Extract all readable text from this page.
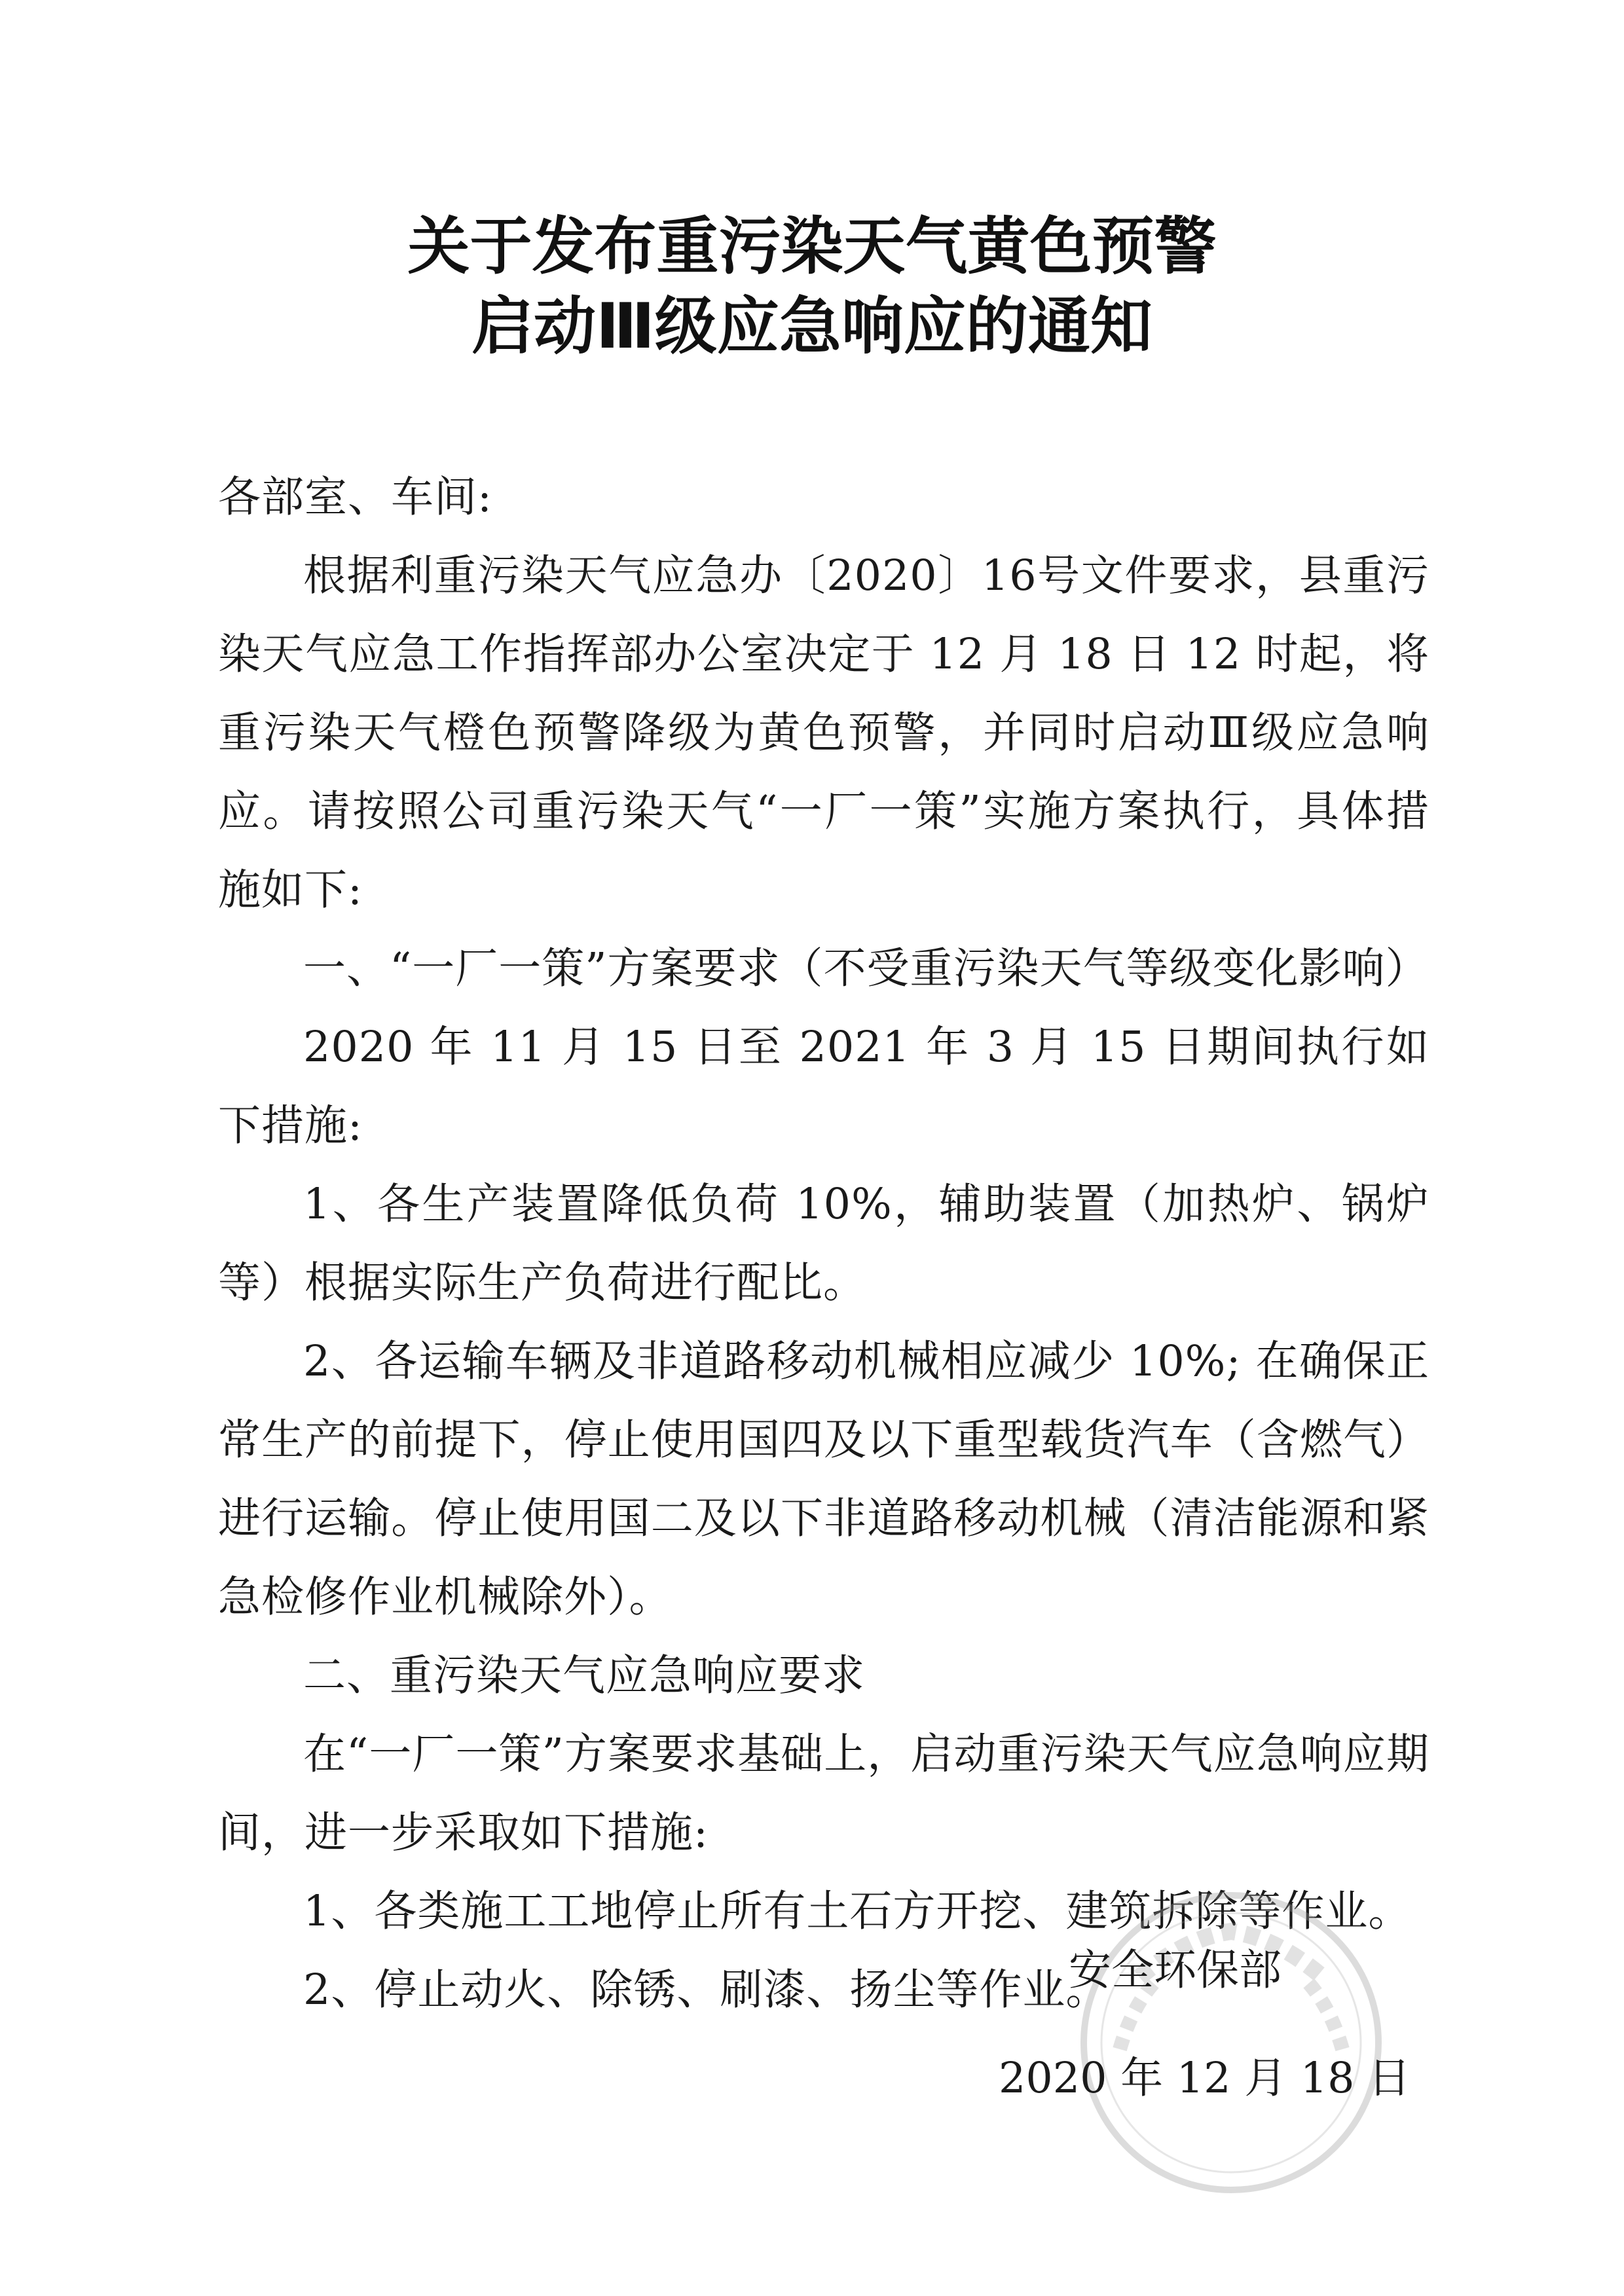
关于发布重污染天气黄色预警
启动Ⅲ级应急响应的通知

各部室、车间:

根据利重污染天气应急办〔2020〕16号文件要求，县重污染天气应急工作指挥部办公室决定于 12 月 18 日 12 时起，将重污染天气橙色预警降级为黄色预警，并同时启动Ⅲ级应急响应。请按照公司重污染天气“一厂一策”实施方案执行，具体措施如下:

一、“一厂一策”方案要求（不受重污染天气等级变化影响）

2020 年 11 月 15 日至 2021 年 3 月 15 日期间执行如下措施:

1、各生产装置降低负荷 10%，辅助装置（加热炉、锅炉等）根据实际生产负荷进行配比。

2、各运输车辆及非道路移动机械相应减少 10%; 在确保正常生产的前提下，停止使用国四及以下重型载货汽车（含燃气）进行运输。停止使用国二及以下非道路移动机械（清洁能源和紧急检修作业机械除外）。

二、重污染天气应急响应要求

在“一厂一策”方案要求基础上，启动重污染天气应急响应期间，进一步采取如下措施:

1、各类施工工地停止所有土石方开挖、建筑拆除等作业。

2、停止动火、除锈、刷漆、扬尘等作业。

安全环保部

2020 年 12 月 18 日
